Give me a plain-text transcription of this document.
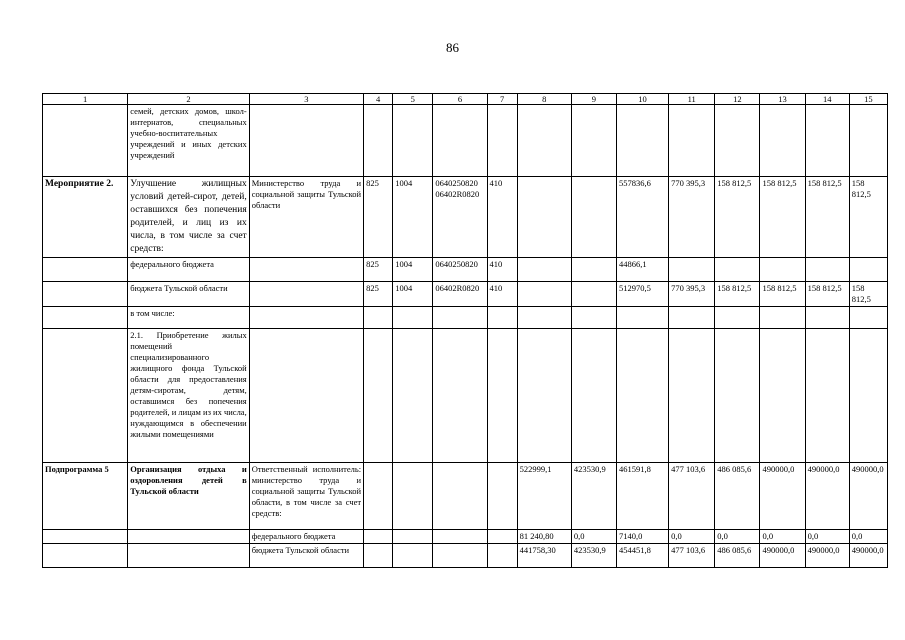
86
1	2	3	4	5	6	7	8	9	10	11	12	13	14	15
	семей, детских домов, школ-интернатов, специальных учебно-воспитательных учреждений и иных детских учреждений													
Мероприятие 2.	Улучшение жилищных условий детей-сирот, детей, оставшихся без попечения родителей, и лиц из их числа, в том числе за счет средств:	Министерство труда и социальной защиты Тульской области	825	1004	0640250820 06402R0820	410			557836,6	770 395,3	158 812,5	158 812,5	158 812,5	158 812,5
	федерального бюджета		825	1004	0640250820	410			44866,1					
	бюджета Тульской области		825	1004	06402R0820	410			512970,5	770 395,3	158 812,5	158 812,5	158 812,5	158 812,5
	в том числе:													
	2.1. Приобретение жилых помещений специализированного жилищного фонда Тульской области для предоставления детям-сиротам, детям, оставшимся без попечения родителей, и лицам из их числа, нуждающимся в обеспечении жилыми помещениями													
Подпрограмма 5	Организация отдыха и оздоровления детей в Тульской области	Ответственный исполнитель: министерство труда и социальной защиты Тульской области, в том числе за счет средств:					522999,1	423530,9	461591,8	477 103,6	486 085,6	490000,0	490000,0	490000,0
		федерального бюджета					81 240,80	0,0	7140,0	0,0	0,0	0,0	0,0	0,0
		бюджета Тульской области					441758,30	423530,9	454451,8	477 103,6	486 085,6	490000,0	490000,0	490000,0
